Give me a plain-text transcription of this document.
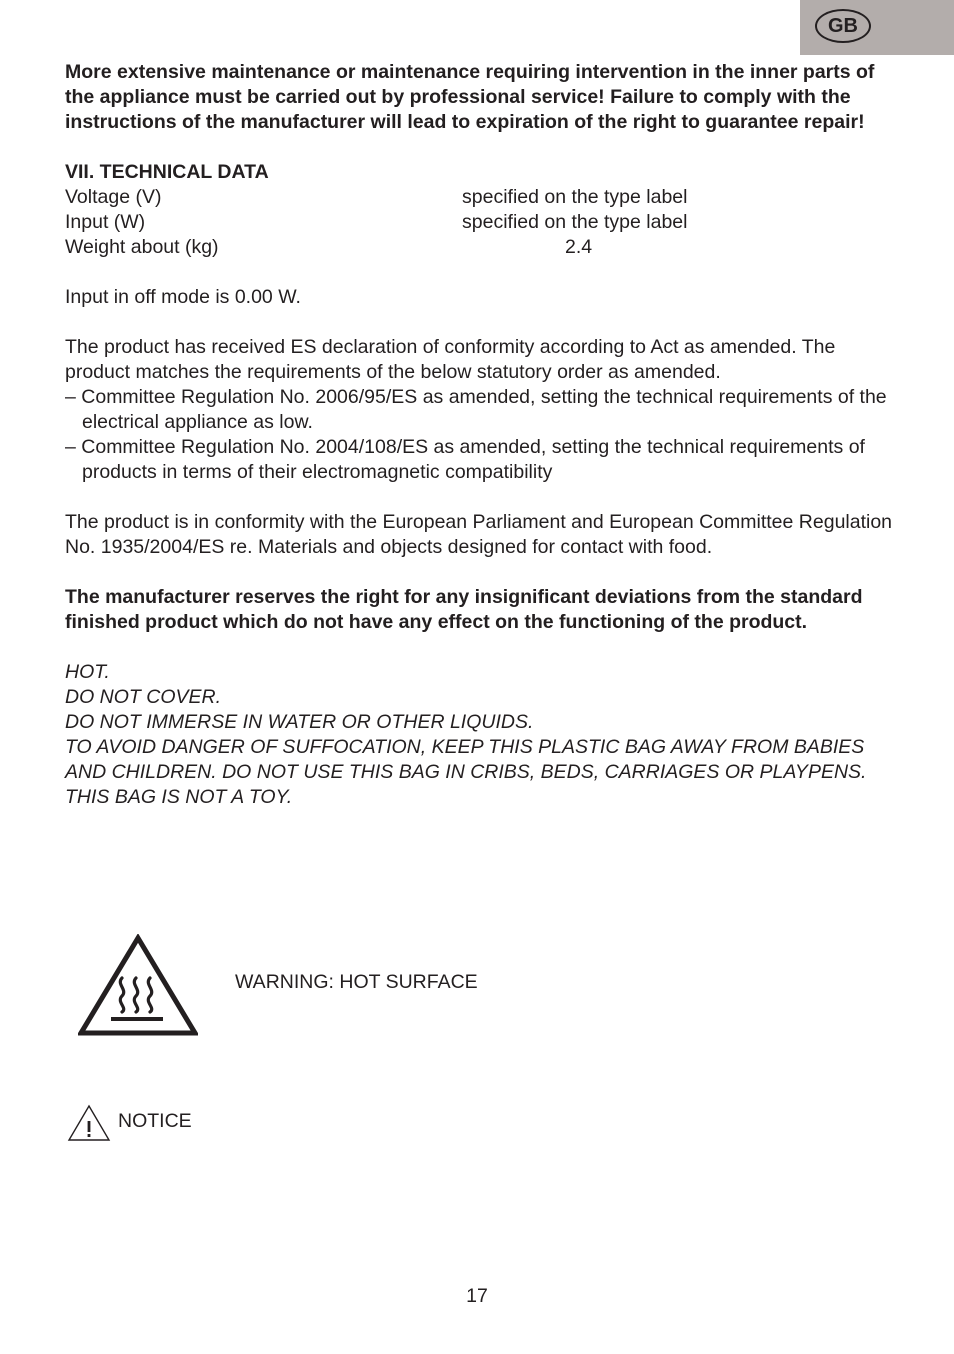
GB

More extensive maintenance or maintenance requiring intervention in the inner parts of the appliance must be carried out by professional service! Failure to comply with the instructions of the manufacturer will lead to expiration of the right to guarantee repair!

VII. TECHNICAL DATA

Voltage (V)	specified on the type label
Input (W)	specified on the type label
Weight about (kg)	2.4

Input in off mode is 0.00 W.

The product has received ES declaration of conformity according to Act as amended. The product matches the requirements of the below statutory order as amended.

– Committee Regulation No. 2006/95/ES as amended, setting the technical requirements of the electrical appliance as low.

– Committee Regulation No. 2004/108/ES as amended, setting the technical requirements of products in terms of their electromagnetic compatibility

The product is in conformity with the European Parliament and European Committee Regulation No. 1935/2004/ES re. Materials and objects designed for contact with food.

The manufacturer reserves the right for any insignificant deviations from the standard finished product which do not have any effect on the functioning of the product.

HOT.

DO NOT COVER.

DO NOT IMMERSE IN WATER OR OTHER LIQUIDS.

TO AVOID DANGER OF SUFFOCATION, KEEP THIS PLASTIC BAG AWAY FROM BABIES AND CHILDREN. DO NOT USE THIS BAG IN CRIBS, BEDS, CARRIAGES OR PLAYPENS.

THIS BAG IS NOT A TOY.

WARNING: HOT SURFACE
NOTICE
17
